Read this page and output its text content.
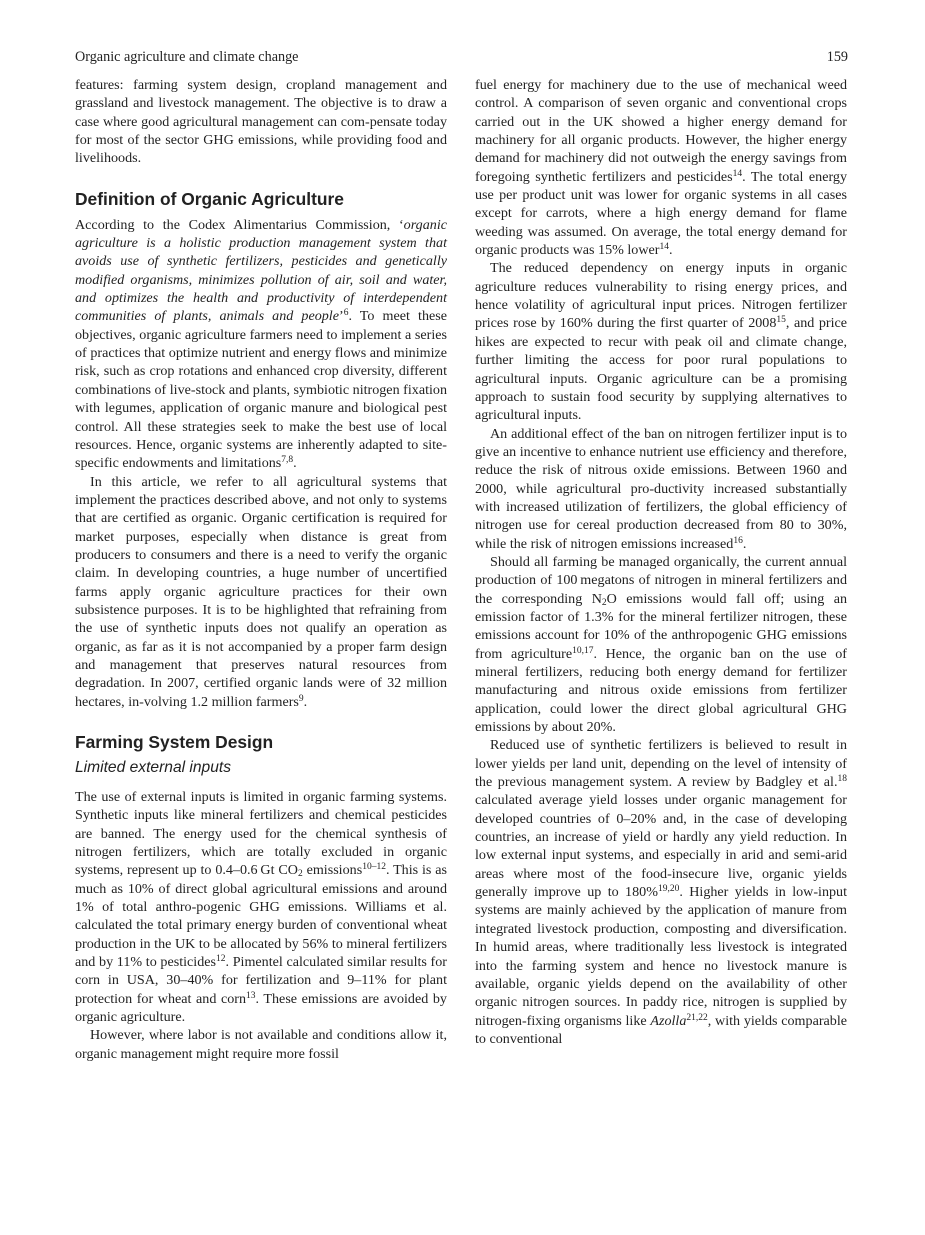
Organic agriculture and climate change	159

features: farming system design, cropland management and grassland and livestock management. The objective is to draw a case where good agricultural management can com-pensate today for most of the sector GHG emissions, while providing food and livelihoods.

Definition of Organic Agriculture

According to the Codex Alimentarius Commission, ‘organic agriculture is a holistic production management system that avoids use of synthetic fertilizers, pesticides and genetically modified organisms, minimizes pollution of air, soil and water, and optimizes the health and productivity of interdependent communities of plants, animals and people’$^6$. To meet these objectives, organic agriculture farmers need to implement a series of practices that optimize nutrient and energy flows and minimize risk, such as crop rotations and enhanced crop diversity, different combinations of live-stock and plants, symbiotic nitrogen fixation with legumes, application of organic manure and biological pest control. All these strategies seek to make the best use of local resources. Hence, organic systems are inherently adapted to site-specific endowments and limitations$^{7,8}$.

In this article, we refer to all agricultural systems that implement the practices described above, and not only to systems that are certified as organic. Organic certification is required for market purposes, especially when distance is great from producers to consumers and there is a need to verify the organic claim. In developing countries, a huge number of uncertified farms apply organic agriculture practices for their own subsistence purposes. It is to be highlighted that refraining from the use of synthetic inputs does not qualify an operation as organic, as far as it is not accompanied by a proper farm design and management that preserves natural resources from degradation. In 2007, certified organic lands were of 32 million hectares, in-volving 1.2 million farmers$^9$.

Farming System Design
Limited external inputs

The use of external inputs is limited in organic farming systems. Synthetic inputs like mineral fertilizers and chemical pesticides are banned. The energy used for the chemical synthesis of nitrogen fertilizers, which are totally excluded in organic systems, represent up to 0.4–0.6 Gt $CO_2$ emissions$^{10-12}$. This is as much as 10% of direct global agricultural emissions and around 1% of total anthro-pogenic GHG emissions. Williams et al. calculated the total primary energy burden of conventional wheat production in the UK to be allocated by 56% to mineral fertilizers and by 11% to pesticides$^{12}$. Pimentel calculated similar results for corn in USA, 30–40% for fertilization and 9–11% for plant protection for wheat and corn$^{13}$. These emissions are avoided by organic agriculture.

However, where labor is not available and conditions allow it, organic management might require more fossil

fuel energy for machinery due to the use of mechanical weed control. A comparison of seven organic and conventional crops carried out in the UK showed a higher energy demand for machinery for all organic products. However, the higher energy demand for machinery did not outweigh the energy savings from foregoing synthetic fertilizers and pesticides$^{14}$. The total energy use per product unit was lower for organic systems in all cases except for carrots, where a high energy demand for flame weeding was assumed. On average, the total energy demand for organic products was 15% lower$^{14}$.

The reduced dependency on energy inputs in organic agriculture reduces vulnerability to rising energy prices, and hence volatility of agricultural input prices. Nitrogen fertilizer prices rose by 160% during the first quarter of 2008$^{15}$, and price hikes are expected to recur with peak oil and climate change, further limiting the access for poor rural populations to agricultural inputs. Organic agriculture can be a promising approach to sustain food security by supplying alternatives to agricultural inputs.

An additional effect of the ban on nitrogen fertilizer input is to give an incentive to enhance nutrient use efficiency and therefore, reduce the risk of nitrous oxide emissions. Between 1960 and 2000, while agricultural pro-ductivity increased substantially with increased utilization of fertilizers, the global efficiency of nitrogen use for cereal production decreased from 80 to 30%, while the risk of nitrogen emissions increased$^{16}$.

Should all farming be managed organically, the current annual production of 100 megatons of nitrogen in mineral fertilizers and the corresponding $N_2O$ emissions would fall off; using an emission factor of 1.3% for the mineral fertilizer nitrogen, these emissions account for 10% of the anthropogenic GHG emissions from agriculture$^{10,17}$. Hence, the organic ban on the use of mineral fertilizers, reducing both energy demand for fertilizer manufacturing and nitrous oxide emissions from fertilizer application, could lower the direct global agricultural GHG emissions by about 20%.

Reduced use of synthetic fertilizers is believed to result in lower yields per land unit, depending on the level of intensity of the previous management system. A review by Badgley et al.$^{18}$ calculated average yield losses under organic management for developed countries of 0–20% and, in the case of developing countries, an increase of yield or hardly any yield reduction. In low external input systems, and especially in arid and semi-arid areas where most of the food-insecure live, organic yields generally improve up to 180%$^{19,20}$. Higher yields in low-input systems are mainly achieved by the application of manure from integrated livestock production, composting and diversification. In humid areas, where traditionally less livestock is integrated into the farming system and hence no livestock manure is available, organic yields depend on the availability of other organic nitrogen sources. In paddy rice, nitrogen is supplied by nitrogen-fixing organisms like Azolla$^{21,22}$, with yields comparable to conventional
